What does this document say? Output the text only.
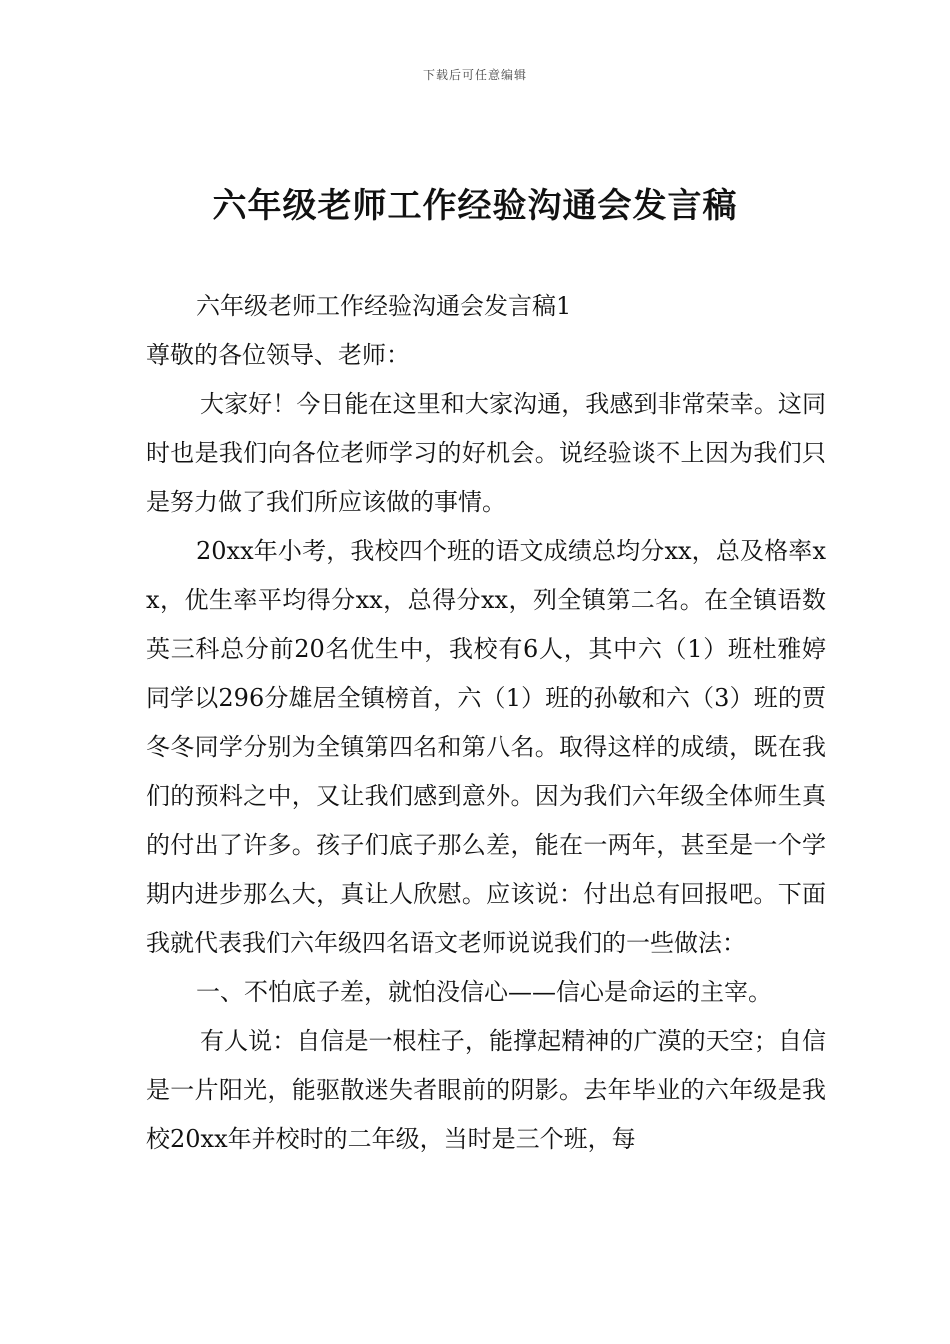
下载后可任意编辑
六年级老师工作经验沟通会发言稿

六年级老师工作经验沟通会发言稿1

尊敬的各位领导、老师：

大家好！今日能在这里和大家沟通，我感到非常荣幸。这同时也是我们向各位老师学习的好机会。说经验谈不上因为我们只是努力做了我们所应该做的事情。

20xx年小考，我校四个班的语文成绩总均分xx，总及格率xx，优生率平均得分xx，总得分xx，列全镇第二名。在全镇语数英三科总分前20名优生中，我校有6人，其中六（1）班杜雅婷同学以296分雄居全镇榜首，六（1）班的孙敏和六（3）班的贾冬冬同学分别为全镇第四名和第八名。取得这样的成绩，既在我们的预料之中，又让我们感到意外。因为我们六年级全体师生真的付出了许多。孩子们底子那么差，能在一两年，甚至是一个学期内进步那么大，真让人欣慰。应该说：付出总有回报吧。下面我就代表我们六年级四名语文老师说说我们的一些做法：

一、不怕底子差，就怕没信心——信心是命运的主宰。

有人说：自信是一根柱子，能撑起精神的广漠的天空；自信是一片阳光，能驱散迷失者眼前的阴影。去年毕业的六年级是我校20xx年并校时的二年级，当时是三个班，每
